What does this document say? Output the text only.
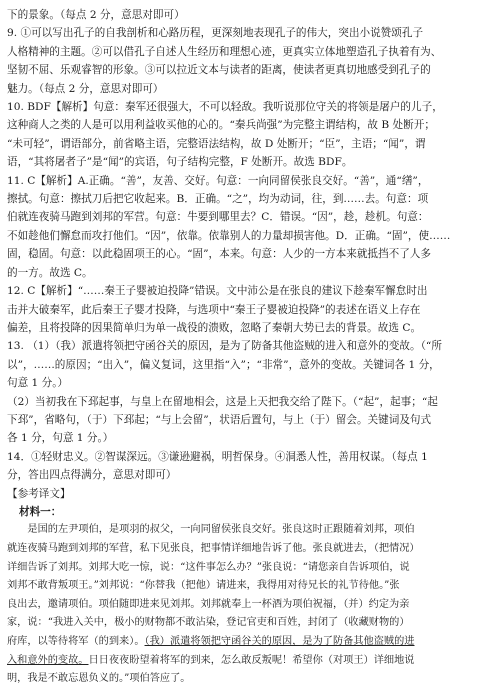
下的景象。（每点 2 分，意思对即可）

9. ①可以写出孔子的自我剖析和心路历程，更深刻地表现孔子的伟大，突出小说赞颂孔子

人格精神的主题。②可以借孔子自述人生经历和理想心迹，更真实立体地塑造孔子执着有为、

坚韧不屈、乐观睿智的形象。③可以拉近文本与读者的距离，使读者更真切地感受到孔子的

魅力。（每点 2 分，意思对即可）

10. BDF【解析】句意：秦军还很强大，不可以轻敌。我听说那位守关的将领是屠户的儿子，

这种商人之类的人是可以用利益收买他的心的。“秦兵尚强”为完整主谓结构，故 B 处断开；

“未可轻”，谓语部分，前省略主语，完整语法结构，故 D 处断开；“臣”，主语；“闻”，谓

语，“其将屠者子”是“闻”的宾语，句子结构完整，F 处断开。故选 BDF。

11. C【解析】A.正确。“善”，友善、交好。句意：一向同留侯张良交好。“善”，通“缮”，

擦拭。句意：擦拭刀后把它收起来。B．正确。“之”，均为动词，往，到……去。句意：项

伯就连夜骑马跑到刘邦的军营。句意：牛要到哪里去？C．错误。“因”，趁，趁机。句意：

不如趁他们懈怠而攻打他们。“因”，依靠。依靠别人的力量却损害他。D．正确。“固”，使……

固，稳固。句意：以此稳固项王的心。“固”，本来。句意：人少的一方本来就抵挡不了人多

的一方。故选 C。

12. C【解析】“……秦王子婴被迫投降”错误。文中沛公是在张良的建议下趁秦军懈怠时出

击并大破秦军，此后秦王子婴才投降，与选项中“秦王子婴被迫投降”的表述在语义上存在

偏差，且将投降的因果简单归为单一战役的溃败，忽略了秦朝大势已去的背景。故选 C。

13. （1）（我）派遣将领把守函谷关的原因，是为了防备其他盗贼的进入和意外的变故。（“所

以”，……的原因；“出入”，偏义复词，这里指“入”；“非常”，意外的变故。关键词各 1 分，

句意 1 分。）

（2）当初我在下邳起事，与皇上在留地相会，这是上天把我交给了陛下。（“起”，起事；“起

下邳”，省略句，（于）下邳起；“与上会留”，状语后置句，与上（于）留会。关键词及句式

各 1 分，句意 1 分。）

14．①轻财忠义。②智谋深远。③谦逊避祸，明哲保身。④洞悉人性，善用权谋。（每点 1

分，答出四点得满分，意思对即可）

【参考译文】

材料一：

是国的左尹项伯，是项羽的叔父，一向同留侯张良交好。张良这时正跟随着刘邦，项伯

就连夜骑马跑到刘邦的军营，私下见张良，把事情详细地告诉了他。张良就进去，（把情况）

详细告诉了刘邦。刘邦大吃一惊，说：“这件事怎么办？”张良说：“请您亲自告诉项伯，说

刘邦不敢背叛项王。”刘邦说：“你替我（把他）请进来，我得用对待兄长的礼节待他。”张

良出去，邀请项伯。项伯随即进来见刘邦。刘邦就奉上一杯酒为项伯祝福，（并）约定为亲

家，说：“我进入关中，极小的财物都不敢沾染，登记官吏和百姓，封闭了（收藏财物的）

府库，以等待将军（的到来）。（我）派遣将领把守函谷关的原因，是为了防备其他盗贼的进

入和意外的变故。日日夜夜盼望着将军的到来，怎么敢反叛呢！希望你（对项王）详细地说

明，我是不敢忘恩负义的。”项伯答应了。
